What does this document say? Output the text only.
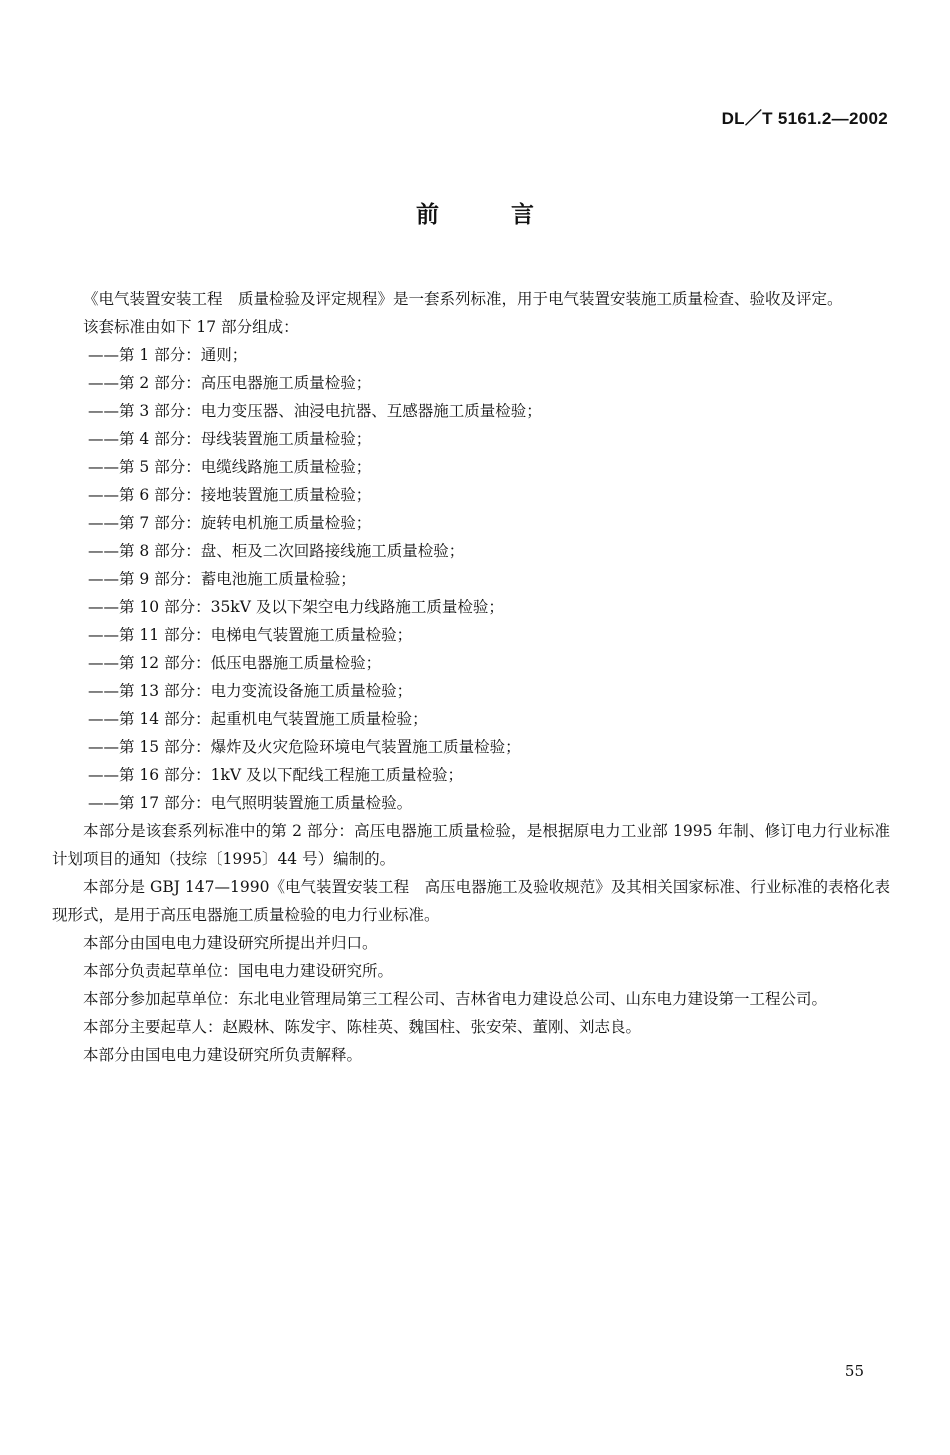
DL／T 5161.2—2002
前言

《电气装置安装工程　质量检验及评定规程》是一套系列标准，用于电气装置安装施工质量检查、验收及评定。

该套标准由如下 17 部分组成：

——第 1 部分：通则；
——第 2 部分：高压电器施工质量检验；
——第 3 部分：电力变压器、油浸电抗器、互感器施工质量检验；
——第 4 部分：母线装置施工质量检验；
——第 5 部分：电缆线路施工质量检验；
——第 6 部分：接地装置施工质量检验；
——第 7 部分：旋转电机施工质量检验；
——第 8 部分：盘、柜及二次回路接线施工质量检验；
——第 9 部分：蓄电池施工质量检验；
——第 10 部分：35kV 及以下架空电力线路施工质量检验；
——第 11 部分：电梯电气装置施工质量检验；
——第 12 部分：低压电器施工质量检验；
——第 13 部分：电力变流设备施工质量检验；
——第 14 部分：起重机电气装置施工质量检验；
——第 15 部分：爆炸及火灾危险环境电气装置施工质量检验；
——第 16 部分：1kV 及以下配线工程施工质量检验；
——第 17 部分：电气照明装置施工质量检验。

本部分是该套系列标准中的第 2 部分：高压电器施工质量检验，是根据原电力工业部 1995 年制、修订电力行业标准计划项目的通知（技综〔1995〕44 号）编制的。

本部分是 GBJ 147—1990《电气装置安装工程　高压电器施工及验收规范》及其相关国家标准、行业标准的表格化表现形式，是用于高压电器施工质量检验的电力行业标准。

本部分由国电电力建设研究所提出并归口。

本部分负责起草单位：国电电力建设研究所。

本部分参加起草单位：东北电业管理局第三工程公司、吉林省电力建设总公司、山东电力建设第一工程公司。

本部分主要起草人：赵殿林、陈发宇、陈桂英、魏国柱、张安荣、董刚、刘志良。

本部分由国电电力建设研究所负责解释。

55
